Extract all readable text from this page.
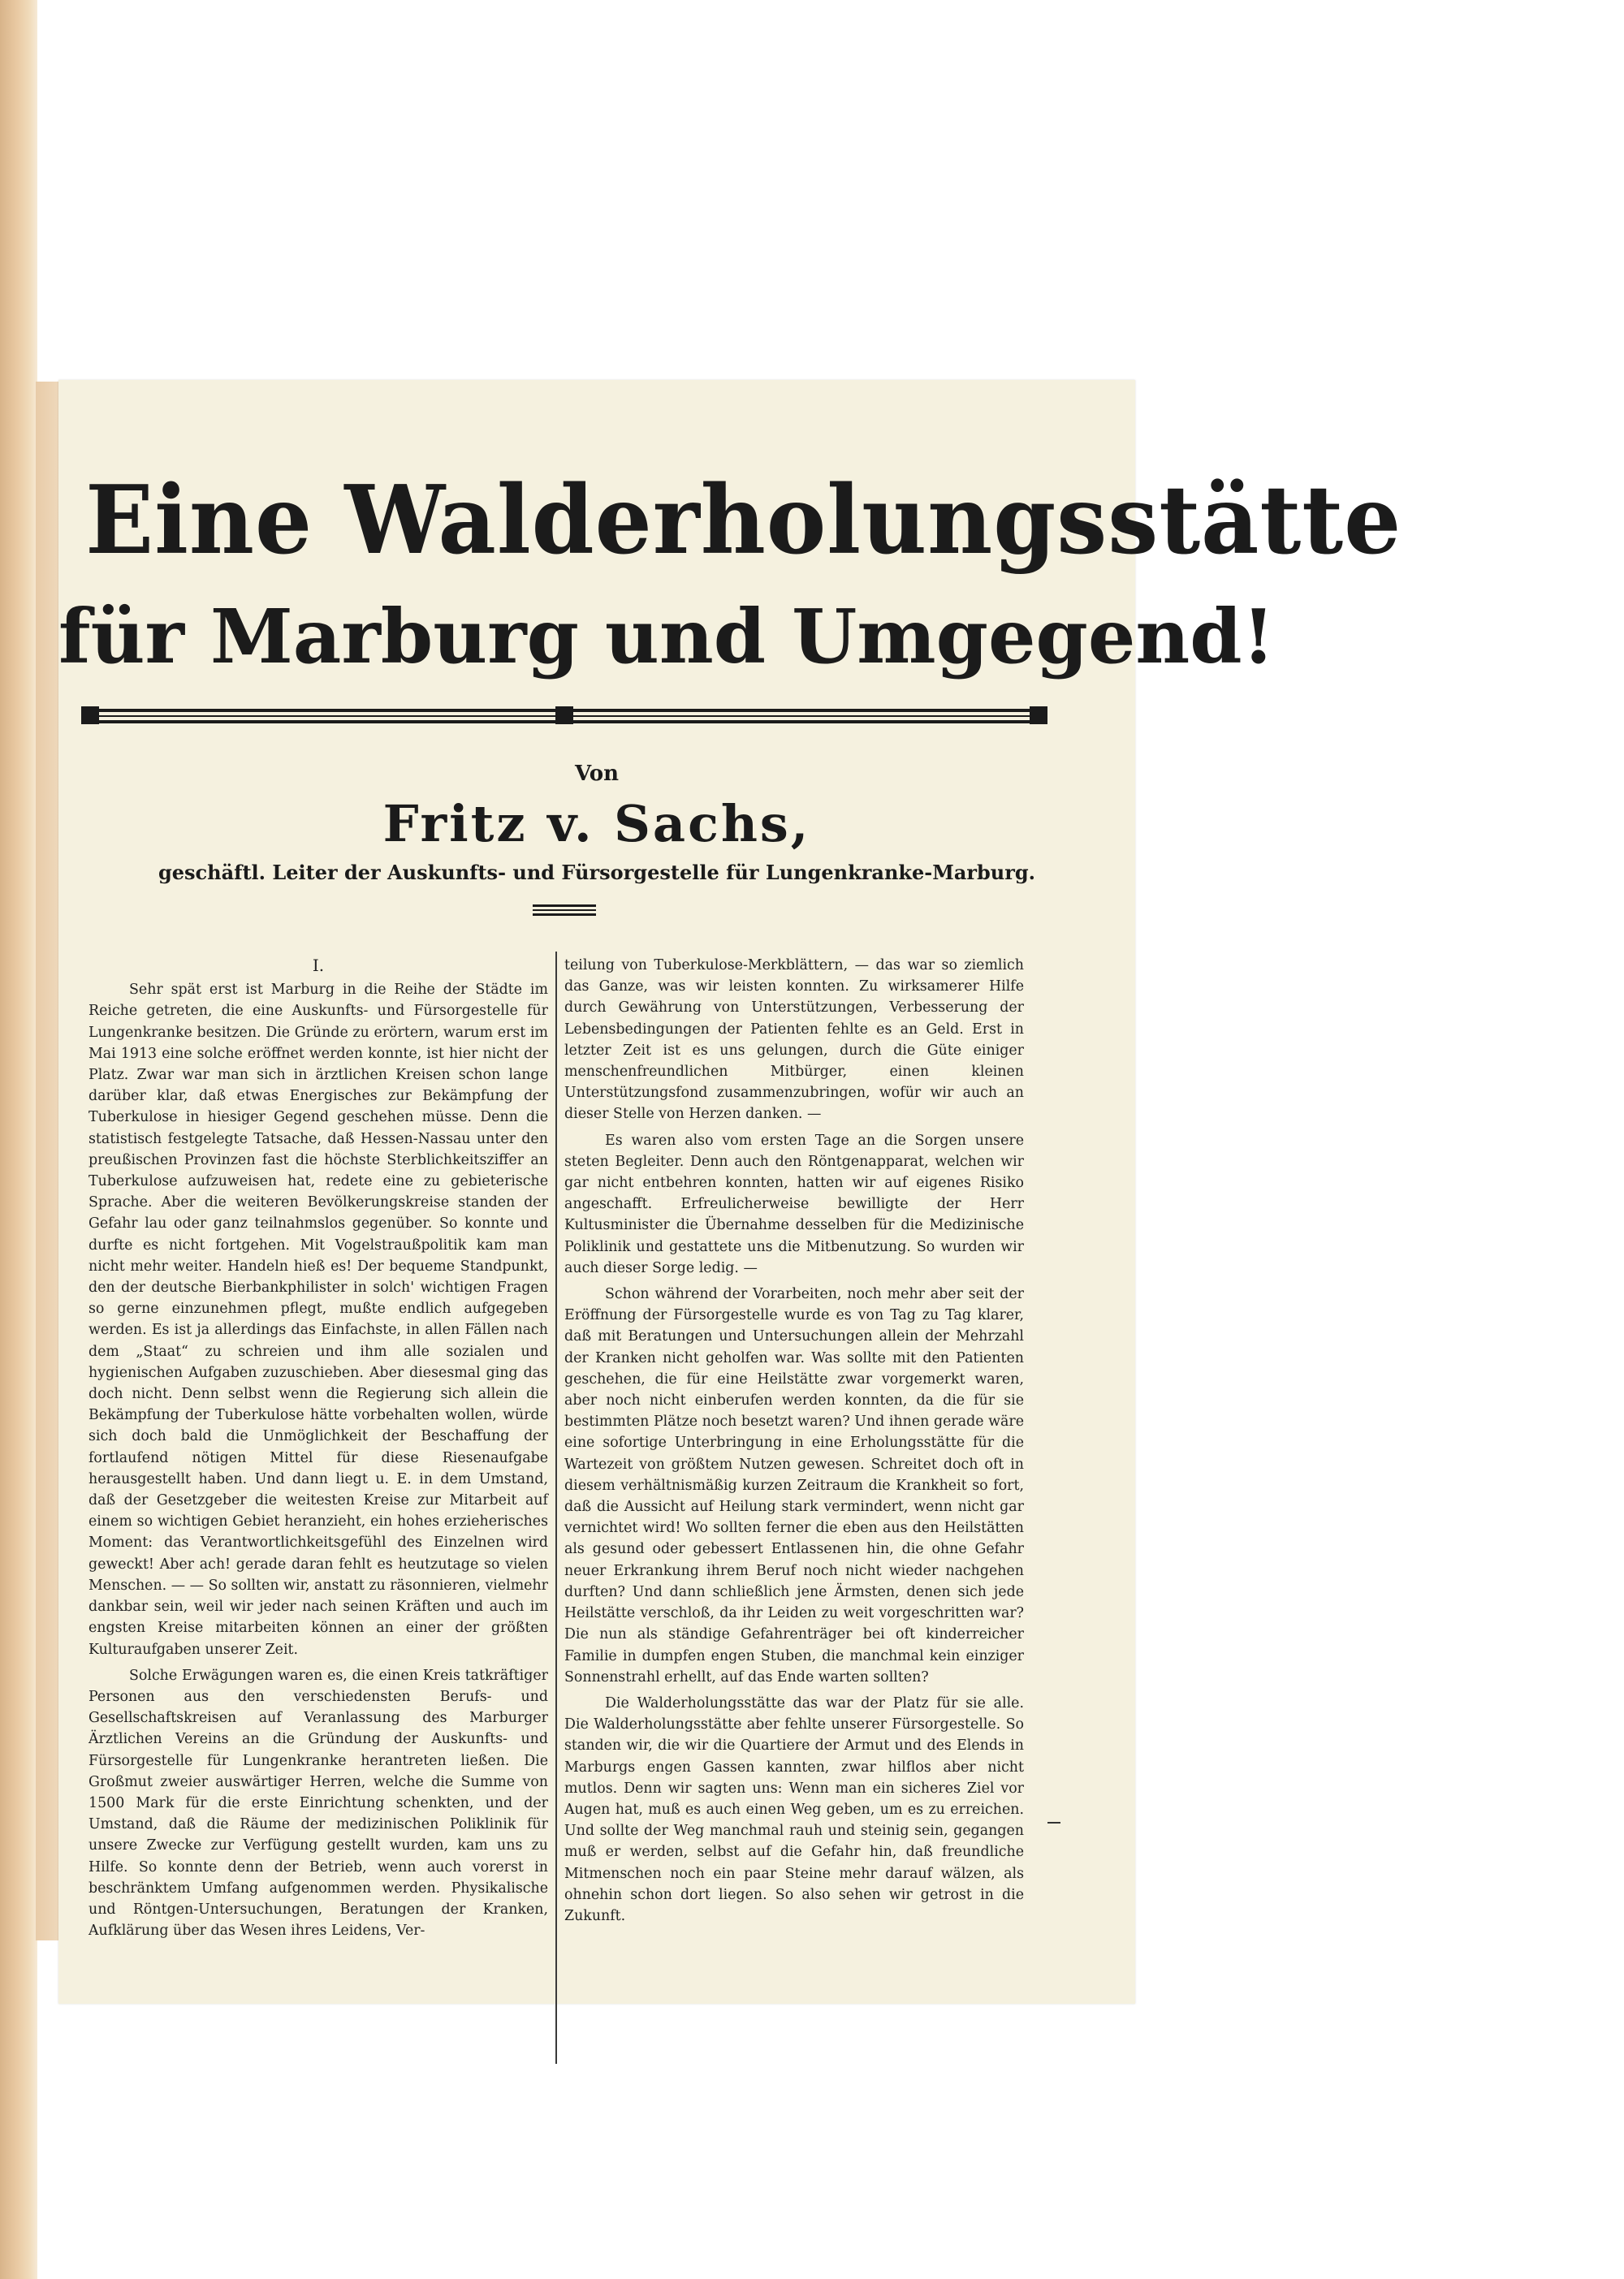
Eine Walderholungsstätte
für Marburg und Umgegend!
Von
Fritz v. Sachs,
geschäftl. Leiter der Auskunfts- und Fürsorgestelle für Lungenkranke-Marburg.

I.

Sehr spät erst ist Marburg in die Reihe der Städte im Reiche getreten, die eine Auskunfts- und Fürsorgestelle für Lungenkranke besitzen. Die Gründe zu erörtern, warum erst im Mai 1913 eine solche eröffnet werden konnte, ist hier nicht der Platz. Zwar war man sich in ärztlichen Kreisen schon lange darüber klar, daß etwas Energisches zur Bekämpfung der Tuberkulose in hiesiger Gegend geschehen müsse. Denn die statistisch festgelegte Tatsache, daß Hessen-Nassau unter den preußischen Provinzen fast die höchste Sterblichkeitsziffer an Tuberkulose aufzuweisen hat, redete eine zu gebieterische Sprache. Aber die weiteren Bevölkerungskreise standen der Gefahr lau oder ganz teilnahmslos gegenüber. So konnte und durfte es nicht fortgehen. Mit Vogelstraußpolitik kam man nicht mehr weiter. Handeln hieß es! Der bequeme Standpunkt, den der deutsche Bierbankphilister in solch' wichtigen Fragen so gerne einzunehmen pflegt, mußte endlich aufgegeben werden. Es ist ja allerdings das Einfachste, in allen Fällen nach dem „Staat“ zu schreien und ihm alle sozialen und hygienischen Aufgaben zuzuschieben. Aber diesesmal ging das doch nicht. Denn selbst wenn die Regierung sich allein die Bekämpfung der Tuberkulose hätte vorbehalten wollen, würde sich doch bald die Unmöglichkeit der Beschaffung der fortlaufend nötigen Mittel für diese Riesenaufgabe herausgestellt haben. Und dann liegt u. E. in dem Umstand, daß der Gesetzgeber die weitesten Kreise zur Mitarbeit auf einem so wichtigen Gebiet heranzieht, ein hohes erzieherisches Moment: das Verantwortlichkeitsgefühl des Einzelnen wird geweckt! Aber ach! gerade daran fehlt es heutzutage so vielen Menschen. — — So sollten wir, anstatt zu räsonnieren, vielmehr dankbar sein, weil wir jeder nach seinen Kräften und auch im engsten Kreise mitarbeiten können an einer der größten Kulturaufgaben unserer Zeit.

Solche Erwägungen waren es, die einen Kreis tatkräftiger Personen aus den verschiedensten Berufs- und Gesellschaftskreisen auf Veranlassung des Marburger Ärztlichen Vereins an die Gründung der Auskunfts- und Fürsorgestelle für Lungenkranke herantreten ließen. Die Großmut zweier auswärtiger Herren, welche die Summe von 1500 Mark für die erste Einrichtung schenkten, und der Umstand, daß die Räume der medizinischen Poliklinik für unsere Zwecke zur Verfügung gestellt wurden, kam uns zu Hilfe. So konnte denn der Betrieb, wenn auch vorerst in beschränktem Umfang aufgenommen werden. Physikalische und Röntgen-Untersuchungen, Beratungen der Kranken, Aufklärung über das Wesen ihres Leidens, Ver-

teilung von Tuberkulose-Merkblättern, — das war so ziemlich das Ganze, was wir leisten konnten. Zu wirksamerer Hilfe durch Gewährung von Unterstützungen, Verbesserung der Lebensbedingungen der Patienten fehlte es an Geld. Erst in letzter Zeit ist es uns gelungen, durch die Güte einiger menschenfreundlichen Mitbürger, einen kleinen Unterstützungsfond zusammenzubringen, wofür wir auch an dieser Stelle von Herzen danken. —

Es waren also vom ersten Tage an die Sorgen unsere steten Begleiter. Denn auch den Röntgenapparat, welchen wir gar nicht entbehren konnten, hatten wir auf eigenes Risiko angeschafft. Erfreulicherweise bewilligte der Herr Kultusminister die Übernahme desselben für die Medizinische Poliklinik und gestattete uns die Mitbenutzung. So wurden wir auch dieser Sorge ledig. —

Schon während der Vorarbeiten, noch mehr aber seit der Eröffnung der Fürsorgestelle wurde es von Tag zu Tag klarer, daß mit Beratungen und Untersuchungen allein der Mehrzahl der Kranken nicht geholfen war. Was sollte mit den Patienten geschehen, die für eine Heilstätte zwar vorgemerkt waren, aber noch nicht einberufen werden konnten, da die für sie bestimmten Plätze noch besetzt waren? Und ihnen gerade wäre eine sofortige Unterbringung in eine Erholungsstätte für die Wartezeit von größtem Nutzen gewesen. Schreitet doch oft in diesem verhältnismäßig kurzen Zeitraum die Krankheit so fort, daß die Aussicht auf Heilung stark vermindert, wenn nicht gar vernichtet wird! Wo sollten ferner die eben aus den Heilstätten als gesund oder gebessert Entlassenen hin, die ohne Gefahr neuer Erkrankung ihrem Beruf noch nicht wieder nachgehen durften? Und dann schließlich jene Ärmsten, denen sich jede Heilstätte verschloß, da ihr Leiden zu weit vorgeschritten war? Die nun als ständige Gefahrenträger bei oft kinderreicher Familie in dumpfen engen Stuben, die manchmal kein einziger Sonnenstrahl erhellt, auf das Ende warten sollten?

Die Walderholungsstätte das war der Platz für sie alle. Die Walderholungsstätte aber fehlte unserer Fürsorgestelle. So standen wir, die wir die Quartiere der Armut und des Elends in Marburgs engen Gassen kannten, zwar hilflos aber nicht mutlos. Denn wir sagten uns: Wenn man ein sicheres Ziel vor Augen hat, muß es auch einen Weg geben, um es zu erreichen. Und sollte der Weg manchmal rauh und steinig sein, gegangen muß er werden, selbst auf die Gefahr hin, daß freundliche Mitmenschen noch ein paar Steine mehr darauf wälzen, als ohnehin schon dort liegen. So also sehen wir getrost in die Zukunft.
